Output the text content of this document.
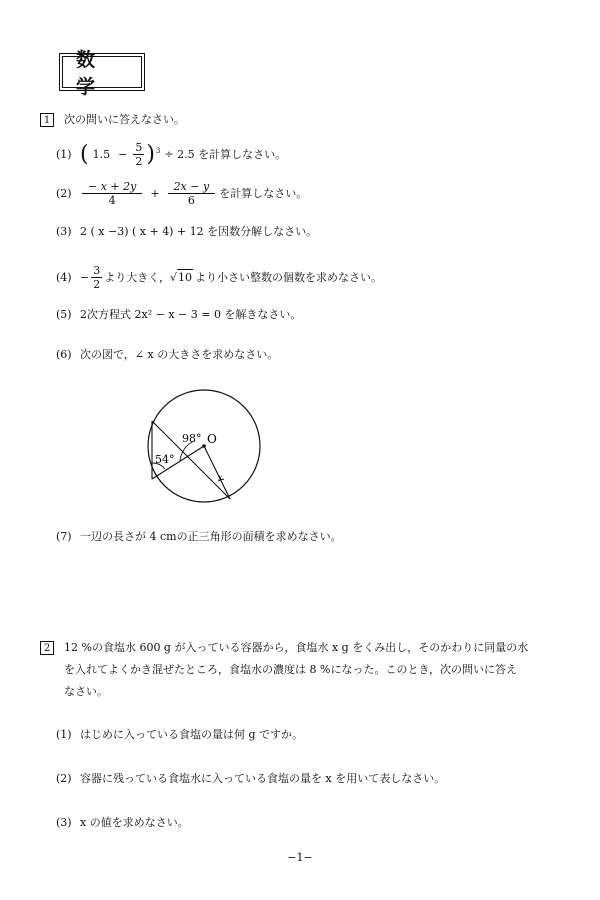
数　学
1	次の問いに答えなさい。
(1) ( $1.5 - \frac{5}{2}$ ) 3 ÷ 2.5 を計算しなさい。
$(2) \frac{- x + 2y}{4} + \frac{2x - y}{6}$ を計算しなさい。
(3) 2 ( x −3) ( x + 4) + 12 を因数分解しなさい。
$(4) - \frac{3}{2}$ より大きく， √ 10 より小さい整数の個数を求めなさい。
(5) 2次方程式 2x² − x − 3 = 0 を解きなさい。
(6) 次の図で，∠ x の大きさを求めなさい。
98° O
54°
x
(7) 一辺の長さが 4 cmの正三角形の面積を求めなさい。
2	12 %の食塩水 600 g が入っている容器から，食塩水 x g をくみ出し，そのかわりに同量の水
を入れてよくかき混ぜたところ，食塩水の濃度は 8 %になった。このとき，次の問いに答え
なさい。
(1) はじめに入っている食塩の量は何 g ですか。
(2) 容器に残っている食塩水に入っている食塩の量を x を用いて表しなさい。
(3) x の値を求めなさい。
−1−
